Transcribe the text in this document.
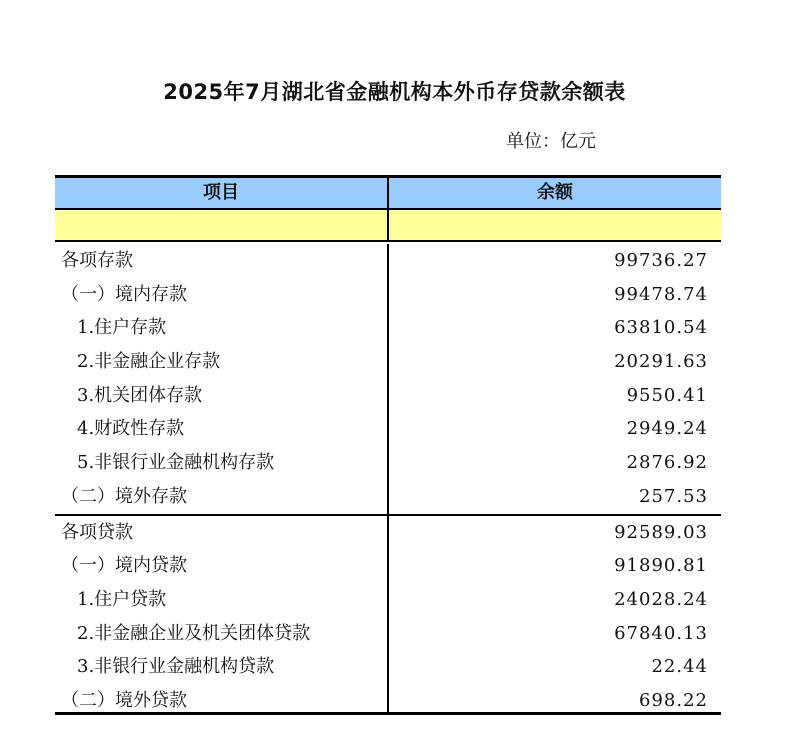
2025年7月湖北省金融机构本外币存贷款余额表
单位：亿元
项目	余额
各项存款	99736.27
（一）境内存款	99478.74
1.住户存款	63810.54
2.非金融企业存款	20291.63
3.机关团体存款	9550.41
4.财政性存款	2949.24
5.非银行业金融机构存款	2876.92
（二）境外存款	257.53
各项贷款	92589.03
（一）境内贷款	91890.81
1.住户贷款	24028.24
2.非金融企业及机关团体贷款	67840.13
3.非银行业金融机构贷款	22.44
（二）境外贷款	698.22
